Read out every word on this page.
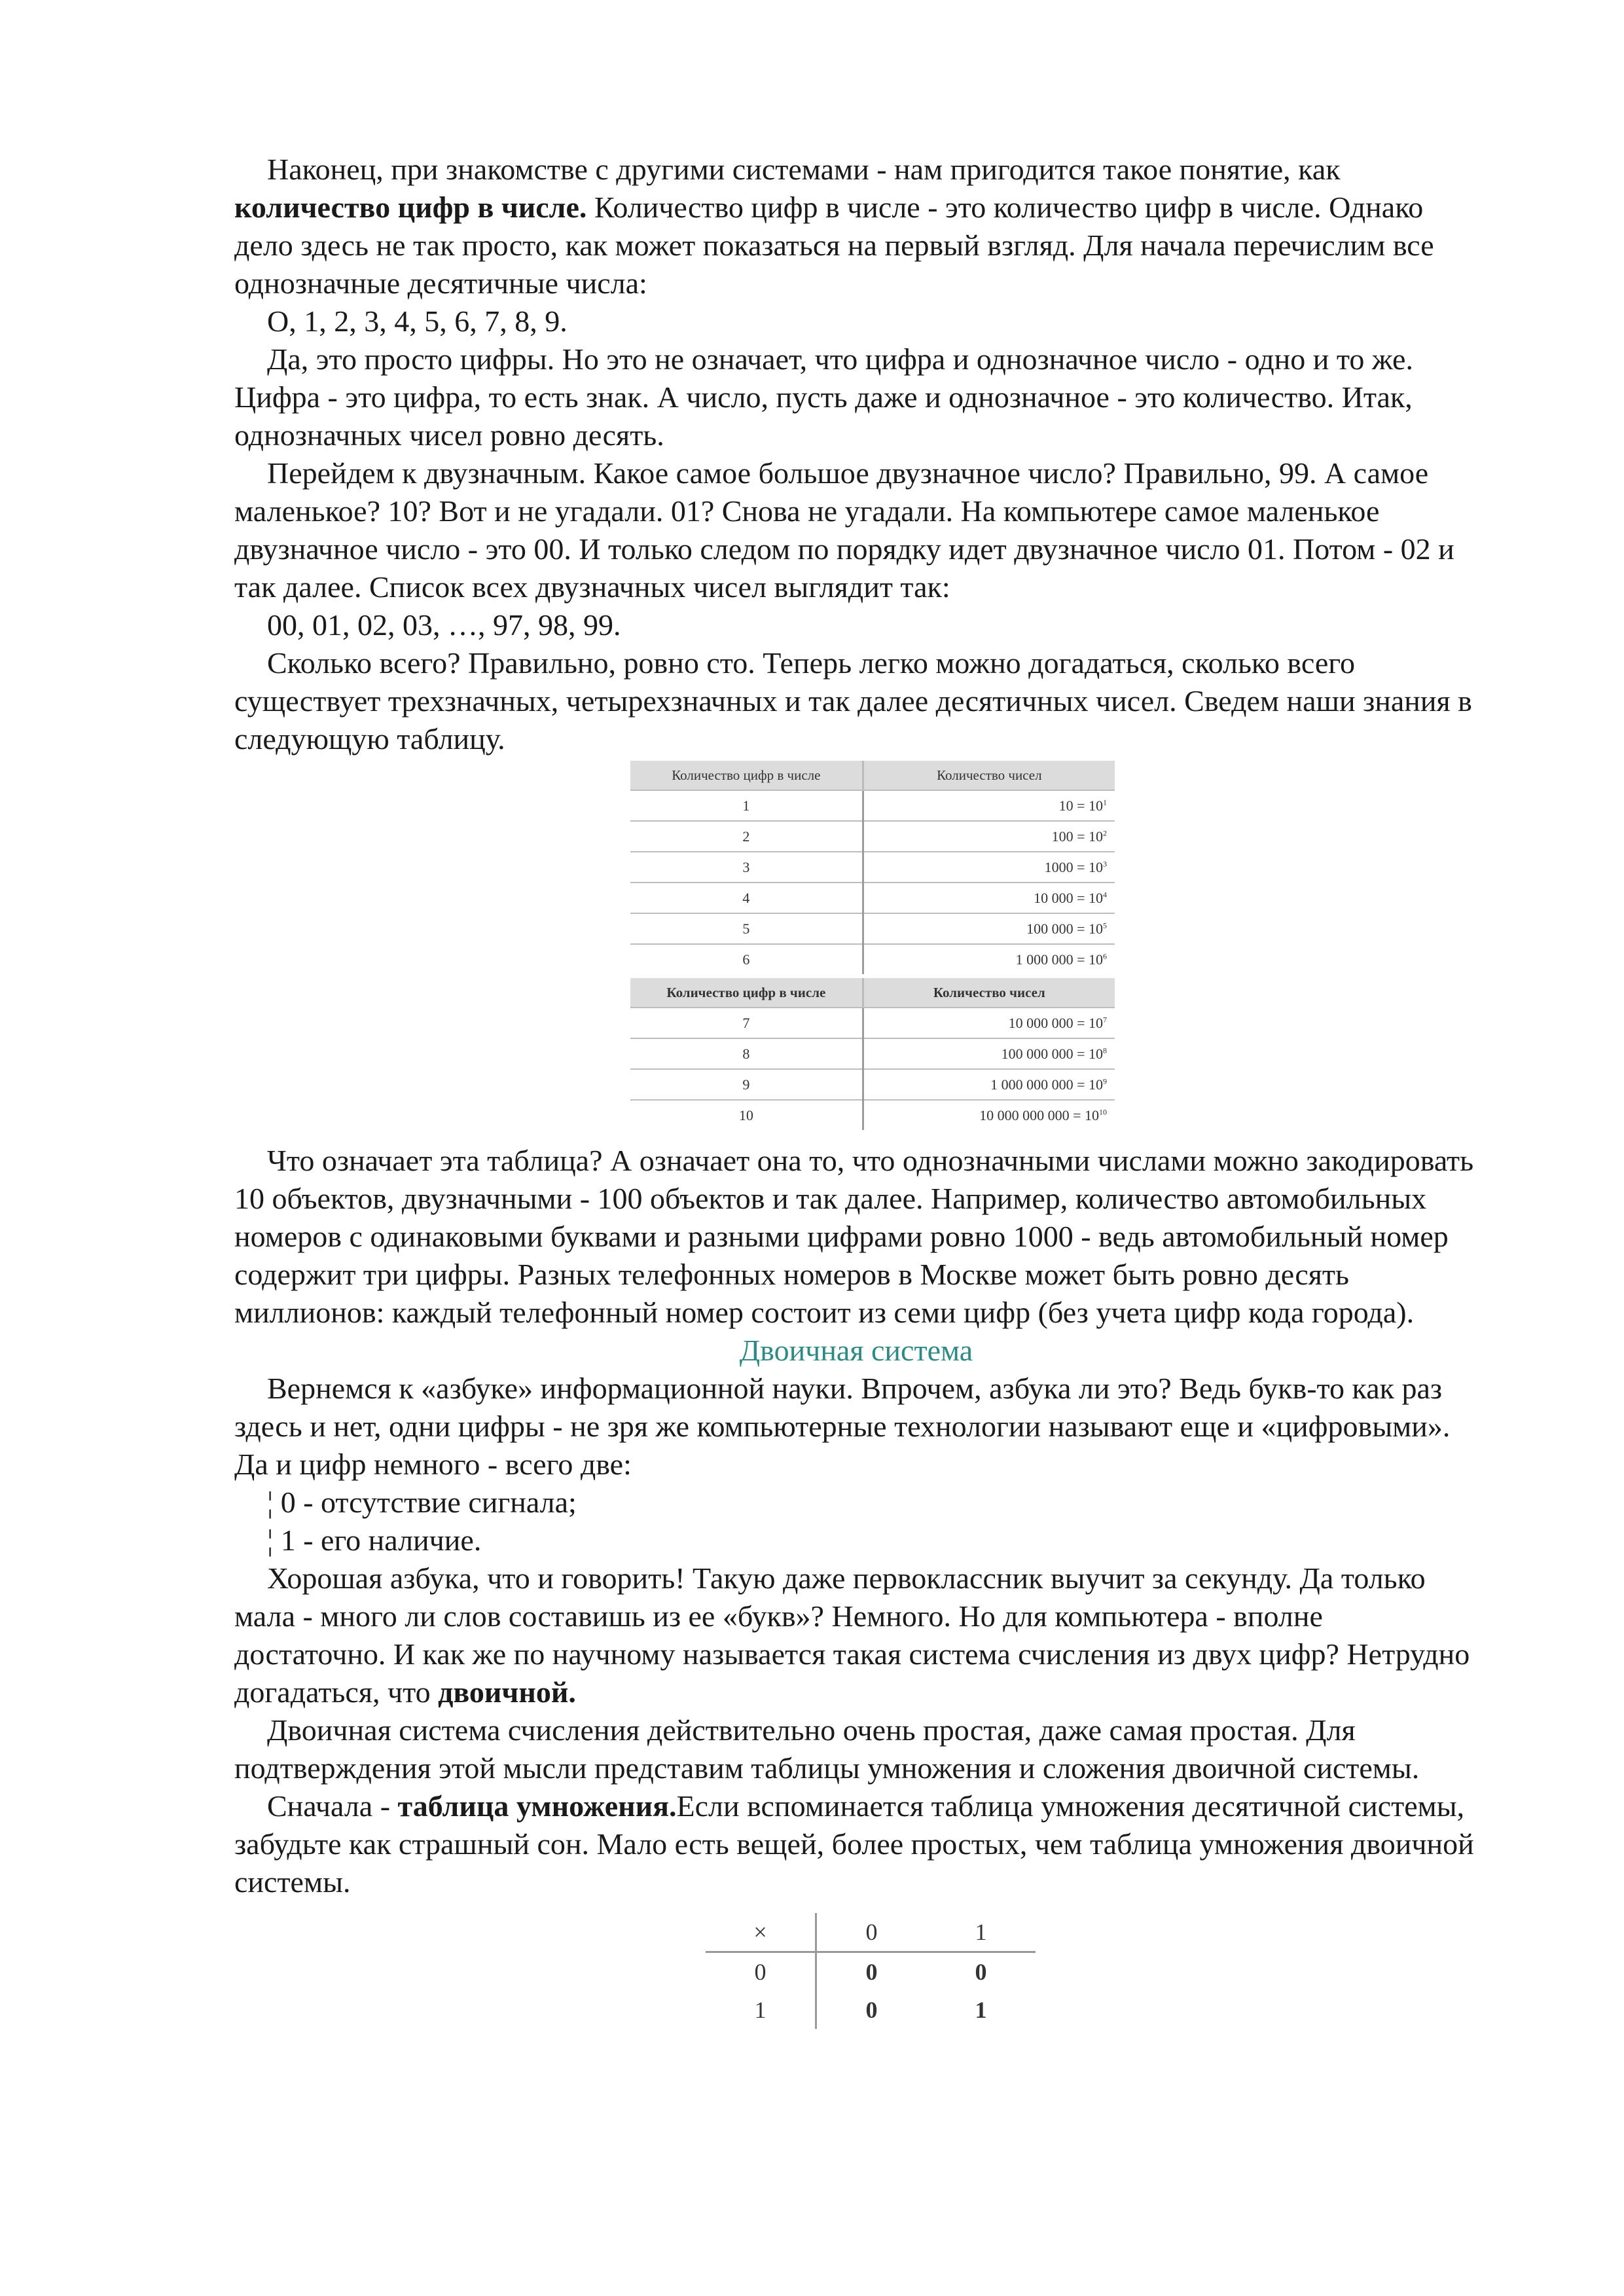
Наконец, при знакомстве с другими системами - нам пригодится такое понятие, как количество цифр в числе. Количество цифр в числе - это количество цифр в числе. Однако дело здесь не так просто, как может показаться на первый взгляд. Для начала перечислим все однозначные десятичные числа:

О, 1, 2, 3, 4, 5, 6, 7, 8, 9.

Да, это просто цифры. Но это не означает, что цифра и однозначное число - одно и то же. Цифра - это цифра, то есть знак. А число, пусть даже и однозначное - это количество. Итак, однозначных чисел ровно десять.

Перейдем к двузначным. Какое самое большое двузначное число? Правильно, 99. А самое маленькое? 10? Вот и не угадали. 01? Снова не угадали. На компьютере самое маленькое двузначное число - это 00. И только следом по порядку идет двузначное число 01. Потом - 02 и так далее. Список всех двузначных чисел выглядит так:

00, 01, 02, 03, …, 97, 98, 99.

Сколько всего? Правильно, ровно сто. Теперь легко можно догадаться, сколько всего существует трехзначных, четырехзначных и так далее десятичных чисел. Сведем наши знания в следующую таблицу.

Количество цифр в числе	Количество чисел
1	$10 = 10^1$
2	$100 = 10^2$
3	$1000 = 10^3$
4	10 $000 = 10^4$
5	100 $000 = 10^5$
6	1 000 $000 = 10^6$

Количество цифр в числе	Количество чисел
7	10 000 $000 = 10^7$
8	100 000 $000 = 10^8$
9	1 000 000 $000 = 10^9$
10	10 000 000 $000 = 10^{10}$

Что означает эта таблица? А означает она то, что однозначными числами можно закодировать 10 объектов, двузначными - 100 объектов и так далее. Например, количество автомобильных номеров с одинаковыми буквами и разными цифрами ровно 1000 - ведь автомобильный номер содержит три цифры. Разных телефонных номеров в Москве может быть ровно десять миллионов: каждый телефонный номер состоит из семи цифр (без учета цифр кода города).

Двоичная система

Вернемся к «азбуке» информационной науки. Впрочем, азбука ли это? Ведь букв-то как раз здесь и нет, одни цифры - не зря же компьютерные технологии называют еще и «цифровыми». Да и цифр немного - всего две:

¦ 0 - отсутствие сигнала;

¦ 1 - его наличие.

Хорошая азбука, что и говорить! Такую даже первоклассник выучит за секунду. Да только мала - много ли слов составишь из ее «букв»? Немного. Но для компьютера - вполне достаточно. И как же по научному называется такая система счисления из двух цифр? Нетрудно догадаться, что двоичной.

Двоичная система счисления действительно очень простая, даже самая простая. Для подтверждения этой мысли представим таблицы умножения и сложения двоичной системы.

Сначала - таблица умножения.Если вспоминается таблица умножения десятичной системы, забудьте как страшный сон. Мало есть вещей, более простых, чем таблица умножения двоичной системы.

×	0	1
0	0	0
1	0	1
